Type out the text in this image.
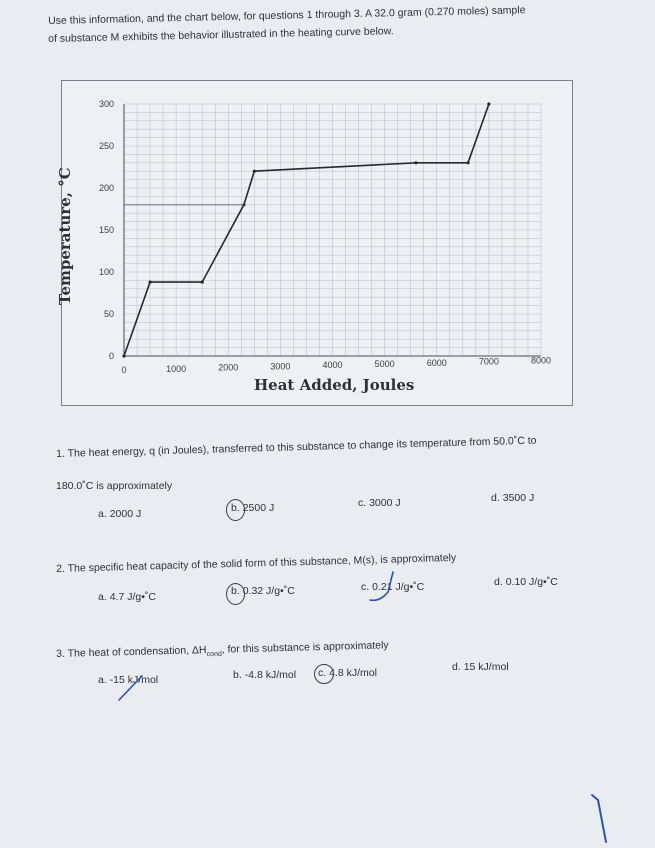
Use this information, and the chart below, for questions 1 through 3. A 32.0 gram (0.270 moles) sample
of substance M exhibits the behavior illustrated in the heating curve below.
0	1000	2000	3000	4000	5000	6000	7000	8000
0
50
100
150
200
250
300
Temperature, °C
Heat Added, Joules
1. The heat energy, q (in Joules), transferred to this substance to change its temperature from 50.0˚C to
180.0˚C is approximately
a. 2000 J	b. 2500 J	c. 3000 J	d. 3500 J
2. The specific heat capacity of the solid form of this substance, M(s), is approximately
a. 4.7 J/g•˚C	b. 0.32 J/g•˚C	c. 0.21 J/g•˚C	d. 0.10 J/g•˚C
3. The heat of condensation, $\Delta H_{cond}$, for this substance is approximately
a. -15 kJ/mol	b. -4.8 kJ/mol c. 4.8 kJ/mol	d. 15 kJ/mol
